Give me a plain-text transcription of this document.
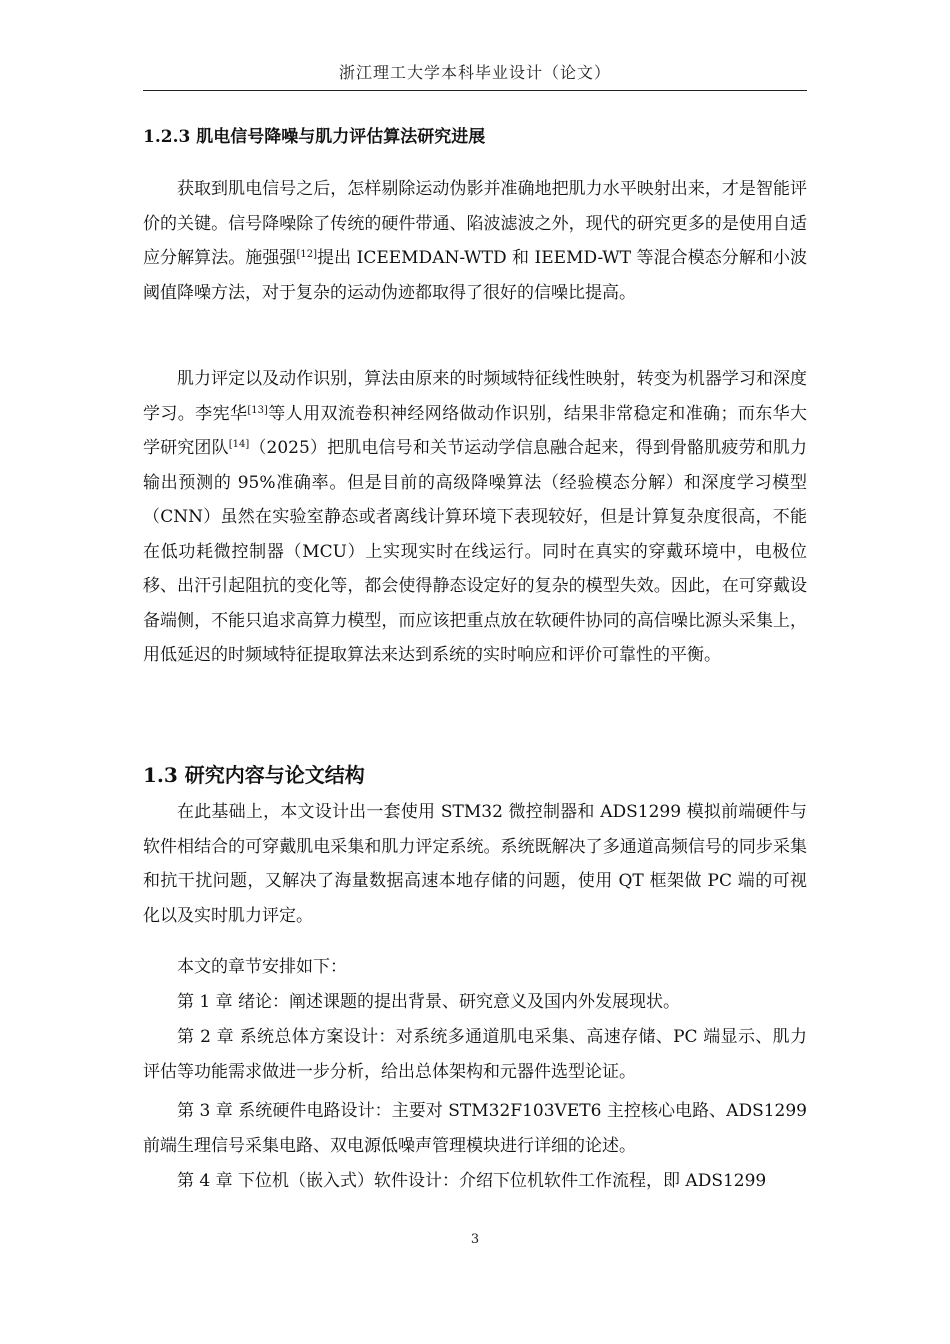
浙江理工大学本科毕业设计（论文）
1.2.3 肌电信号降噪与肌力评估算法研究进展

获取到肌电信号之后，怎样剔除运动伪影并准确地把肌力水平映射出来，才是智能评价的关键。信号降噪除了传统的硬件带通、陷波滤波之外，现代的研究更多的是使用自适应分解算法。施强强[12]提出 ICEEMDAN-WTD 和 IEEMD-WT 等混合模态分解和小波阈值降噪方法，对于复杂的运动伪迹都取得了很好的信噪比提高。

肌力评定以及动作识别，算法由原来的时频域特征线性映射，转变为机器学习和深度学习。李宪华[13]等人用双流卷积神经网络做动作识别，结果非常稳定和准确；而东华大学研究团队[14]（2025）把肌电信号和关节运动学信息融合起来，得到骨骼肌疲劳和肌力输出预测的 95%准确率。但是目前的高级降噪算法（经验模态分解）和深度学习模型（CNN）虽然在实验室静态或者离线计算环境下表现较好，但是计算复杂度很高，不能在低功耗微控制器（MCU）上实现实时在线运行。同时在真实的穿戴环境中，电极位移、出汗引起阻抗的变化等，都会使得静态设定好的复杂的模型失效。因此，在可穿戴设备端侧，不能只追求高算力模型，而应该把重点放在软硬件协同的高信噪比源头采集上，用低延迟的时频域特征提取算法来达到系统的实时响应和评价可靠性的平衡。

1.3 研究内容与论文结构

在此基础上，本文设计出一套使用 STM32 微控制器和 ADS1299 模拟前端硬件与软件相结合的可穿戴肌电采集和肌力评定系统。系统既解决了多通道高频信号的同步采集和抗干扰问题，又解决了海量数据高速本地存储的问题，使用 QT 框架做 PC 端的可视化以及实时肌力评定。

本文的章节安排如下：

第 1 章 绪论：阐述课题的提出背景、研究意义及国内外发展现状。

第 2 章 系统总体方案设计：对系统多通道肌电采集、高速存储、PC 端显示、肌力评估等功能需求做进一步分析，给出总体架构和元器件选型论证。

第 3 章 系统硬件电路设计：主要对 STM32F103VET6 主控核心电路、ADS1299 前端生理信号采集电路、双电源低噪声管理模块进行详细的论述。

第 4 章 下位机（嵌入式）软件设计：介绍下位机软件工作流程，即 ADS1299

3
